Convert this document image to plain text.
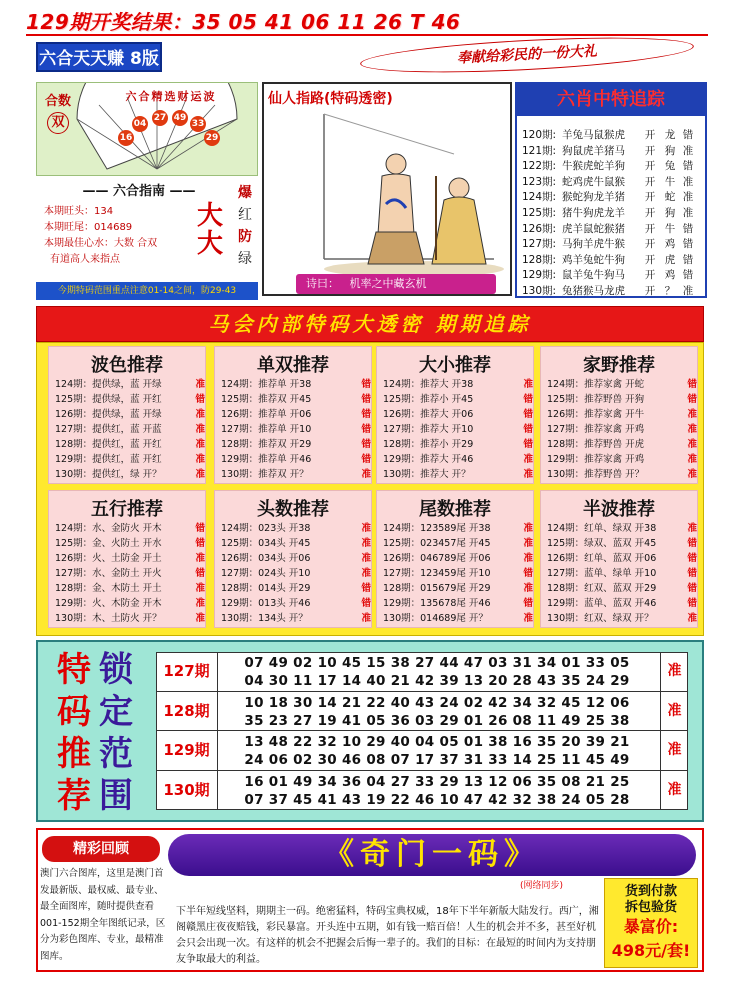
129期开奖结果：35 05 41 06 11 26 T 46
六合天天赚 8版	奉献给彩民的一份大礼
六合精选财运波
合数
双
16
04
27 49
33
29
—— 六合指南 ——
本期旺头：134
本期旺尾：014689
本期最佳心水：大数 合双
有道高人来指点
大
大
爆
红
防
绿
今期特码范围重点注意01-14之间，防29-43
仙人指路(特码透密)
诗曰： 机率之中藏玄机
六肖中特追踪
120期: 羊兔马鼠猴虎	开 龙 错
121期: 狗鼠虎羊猪马	开 狗 准
122期: 牛猴虎蛇羊狗	开 兔 错
123期: 蛇鸡虎牛鼠猴	开 牛 准
124期: 猴蛇狗龙羊猪	开 蛇 准
125期: 猪牛狗虎龙羊	开 狗 准
126期: 虎羊鼠蛇猴猪	开 牛 错
127期: 马狗羊虎牛猴	开 鸡 错
128期: 鸡羊兔蛇牛狗	开 虎 错
129期: 鼠羊兔牛狗马	开 鸡 错
130期: 兔猪猴马龙虎	开 ？ 准
马会内部特码大透密 期期追踪
波色推荐
124期：提供绿，蓝 开绿	准
125期：提供绿，蓝 开红	错
126期：提供绿，蓝 开绿	准
127期：提供红，蓝 开蓝	准
128期：提供红，蓝 开红	准
129期：提供红，蓝 开红	准
130期：提供红，绿 开？	准
单双推荐
124期：推荐单 开38	错
125期：推荐双 开45	错
126期：推荐单 开06	错
127期：推荐单 开10	错
128期：推荐双 开29	错
129期：推荐单 开46	错
130期：推荐双 开？	准
大小推荐
124期：推荐大 开38	准
125期：推荐小 开45	错
126期：推荐大 开06	错
127期：推荐大 开10	错
128期：推荐小 开29	错
129期：推荐大 开46	准
130期：推荐大 开？	准
家野推荐
124期：推荐家禽 开蛇	错
125期：推荐野兽 开狗	错
126期：推荐家禽 开牛	准
127期：推荐家禽 开鸡	准
128期：推荐野兽 开虎	准
129期：推荐家禽 开鸡	准
130期：推荐野兽 开？	准
五行推荐
124期：水、金防火 开木	错
125期：金、火防土 开水	错
126期：火、土防金 开土	准
127期：水、金防土 开火	错
128期：金、木防土 开土	准
129期：火、木防金 开木	准
130期：木、土防火 开？	准
头数推荐
124期：023头 开38	准
125期：034头 开45	准
126期：034头 开06	准
127期：024头 开10	准
128期：014头 开29	错
129期：013头 开46	错
130期：134头 开？	准
尾数推荐
124期：123589尾 开38	准
125期：023457尾 开45	准
126期：046789尾 开06	准
127期：123459尾 开10	错
128期：015679尾 开29	准
129期：135678尾 开46	错
130期：014689尾 开？	准
半波推荐
124期：红单、绿双 开38	准
125期：绿双、蓝双 开45	错
126期：红单、蓝双 开06	错
127期：蓝单、绿单 开10	错
128期：红双、蓝双 开29	错
129期：蓝单、蓝双 开46	错
130期：红双、绿双 开？	准
特 锁
码 定
推 范
荐 围
127期	07 49 02 10 45 15 38 27 44 47 03 31 34 01 33 05
04 30 11 17 14 40 21 42 39 13 20 28 43 35 24 29
准
128期	10 18 30 14 21 22 40 43 24 02 42 34 32 45 12 06
35 23 27 19 41 05 36 03 29 01 26 08 11 49 25 38
准
129期	13 48 22 32 10 29 40 04 05 01 38 16 35 20 39 21
24 06 02 30 46 08 07 17 37 31 33 14 25 11 45 49
准
130期	16 01 49 34 36 04 27 33 29 13 12 06 35 08 21 25
07 37 45 41 43 19 22 46 10 47 42 32 38 24 05 28
准
精彩回顾
澳门六合图库，这里是澳门首发最新版、最权威、最专业、最全面图库，随时提供查看001-152期全年图纸记录，区分为彩色图库、专业，最精准图库。
《奇门一码》
(网络同步)	货到付款
拆包验货
暴富价:
498元/套!
下半年短线坚料，期期主一码。绝密猛料，特码宝典权威，18年下半年新版大陆发行。西广，湘阁赣黑庄夜夜赔钱，彩民暴富。开头连中五期，如有钱一赔百倍！人生的机会并不多，甚至好机会只会出现一次。有这样的机会不把握会后悔一辈子的。我们的目标：在最短的时间内为支持朋友争取最大的利益。
